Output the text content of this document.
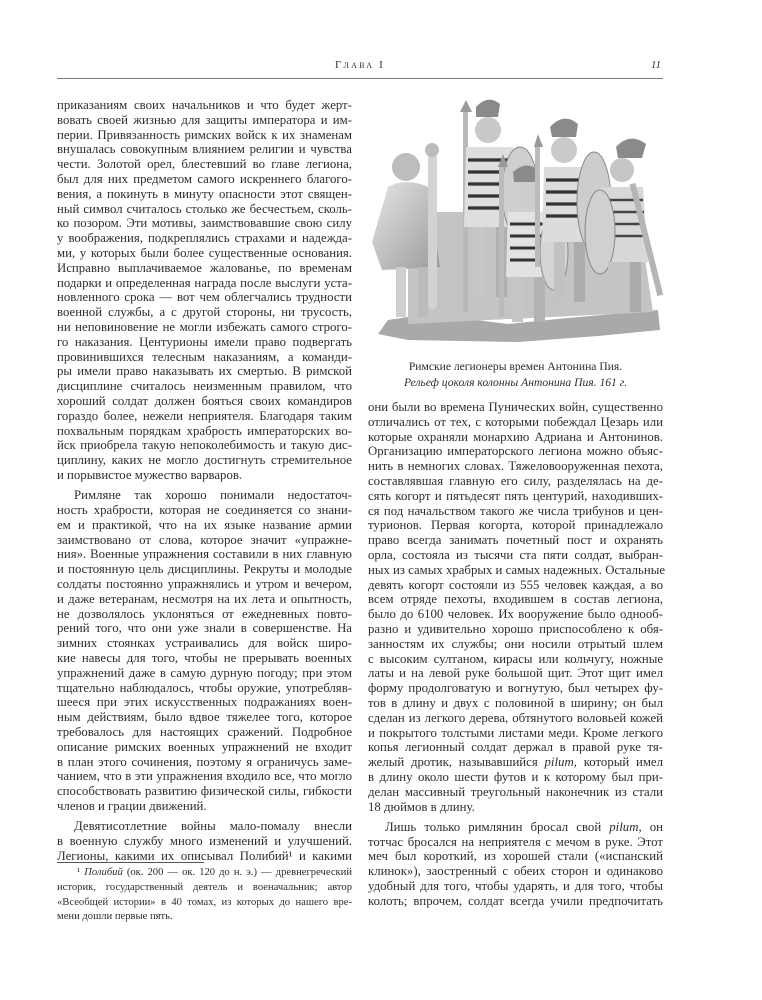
Глава I	11
приказаниям своих начальников и что будет жерт-
вовать своей жизнью для защиты императора и им-
перии. Привязанность римских войск к их знаменам
внушалась совокупным влиянием религии и чувства
чести. Золотой орел, блестевший во главе легиона,
был для них предметом самого искреннего благого-
вения, а покинуть в минуту опасности этот священ-
ный символ считалось столько же бесчестьем, сколь-
ко позором. Эти мотивы, заимствовавшие свою силу
у воображения, подкреплялись страхами и надежда-
ми, у которых были более существенные основания.
Исправно выплачиваемое жалованье, по временам
подарки и определенная награда после выслуги уста-
новленного срока — вот чем облегчались трудности
военной службы, а с другой стороны, ни трусость,
ни неповиновение не могли избежать самого строго-
го наказания. Центурионы имели право подвергать
провинившихся телесным наказаниям, а команди-
ры имели право наказывать их смертью. В римской
дисциплине считалось неизменным правилом, что
хороший солдат должен бояться своих командиров
гораздо более, нежели неприятеля. Благодаря таким
похвальным порядкам храбрость императорских во-
йск приобрела такую непоколебимость и такую дис-
циплину, каких не могло достигнуть стремительное
и порывистое мужество варваров.
Римляне так хорошо понимали недостаточ-
ность храбрости, которая не соединяется со знани-
ем и практикой, что на их языке название армии
заимствовано от слова, которое значит «упражне-
ния». Военные упражнения составили в них главную
и постоянную цель дисциплины. Рекруты и молодые
солдаты постоянно упражнялись и утром и вечером,
и даже ветеранам, несмотря на их лета и опытность,
не дозволялось уклоняться от ежедневных повто-
рений того, что они уже знали в совершенстве. На
зимних стоянках устраивались для войск широ-
кие навесы для того, чтобы не прерывать военных
упражнений даже в самую дурную погоду; при этом
тщательно наблюдалось, чтобы оружие, употребляв-
шееся при этих искусственных подражаниях воен-
ным действиям, было вдвое тяжелее того, которое
требовалось для настоящих сражений. Подробное
описание римских военных упражнений не входит
в план этого сочинения, поэтому я ограничусь заме-
чанием, что в эти упражнения входило все, что могло
способствовать развитию физической силы, гибкости
членов и грации движений.
Девятисотлетние войны мало-помалу внесли
в военную службу много изменений и улучшений.
Легионы, какими их описывал Полибий¹ и какими
Римские легионеры времен Антонина Пия.
Рельеф цоколя колонны Антонина Пия. 161 г.
они были во времена Пунических войн, существенно
отличались от тех, с которыми побеждал Цезарь или
которые охраняли монархию Адриана и Антонинов.
Организацию императорского легиона можно объяс-
нить в немногих словах. Тяжеловооруженная пехота,
составлявшая главную его силу, разделялась на де-
сять когорт и пятьдесят пять центурий, находивших-
ся под начальством такого же числа трибунов и цен-
турионов. Первая когорта, которой принадлежало
право всегда занимать почетный пост и охранять
орла, состояла из тысячи ста пяти солдат, выбран-
ных из самых храбрых и самых надежных. Остальные
девять когорт состояли из 555 человек каждая, а во
всем отряде пехоты, входившем в состав легиона,
было до 6100 человек. Их вооружение было однооб-
разно и удивительно хорошо приспособлено к обя-
занностям их службы; они носили отрытый шлем
с высоким султаном, кирасы или кольчугу, ножные
латы и на левой руке большой щит. Этот щит имел
форму продолговатую и вогнутую, был четырех фу-
тов в длину и двух с половиной в ширину; он был
сделан из легкого дерева, обтянутого воловьей кожей
и покрытого толстыми листами меди. Кроме легкого
копья легионный солдат держал в правой руке тя-
желый дротик, называвшийся pilum, который имел
в длину около шести футов и к которому был при-
делан массивный треугольный наконечник из стали
18 дюймов в длину.
Лишь только римлянин бросал свой pilum, он
тотчас бросался на неприятеля с мечом в руке. Этот
меч был короткий, из хорошей стали («испанский
клинок»), заостренный с обеих сторон и одинаково
удобный для того, чтобы ударять, и для того, чтобы
колоть; впрочем, солдат всегда учили предпочитать
¹ Полибий (ок. 200 — ок. 120 до н. э.) — древнегреческий
историк, государственный деятель и военачальник; автор
«Всеобщей истории» в 40 томах, из которых до нашего вре-
мени дошли первые пять.
